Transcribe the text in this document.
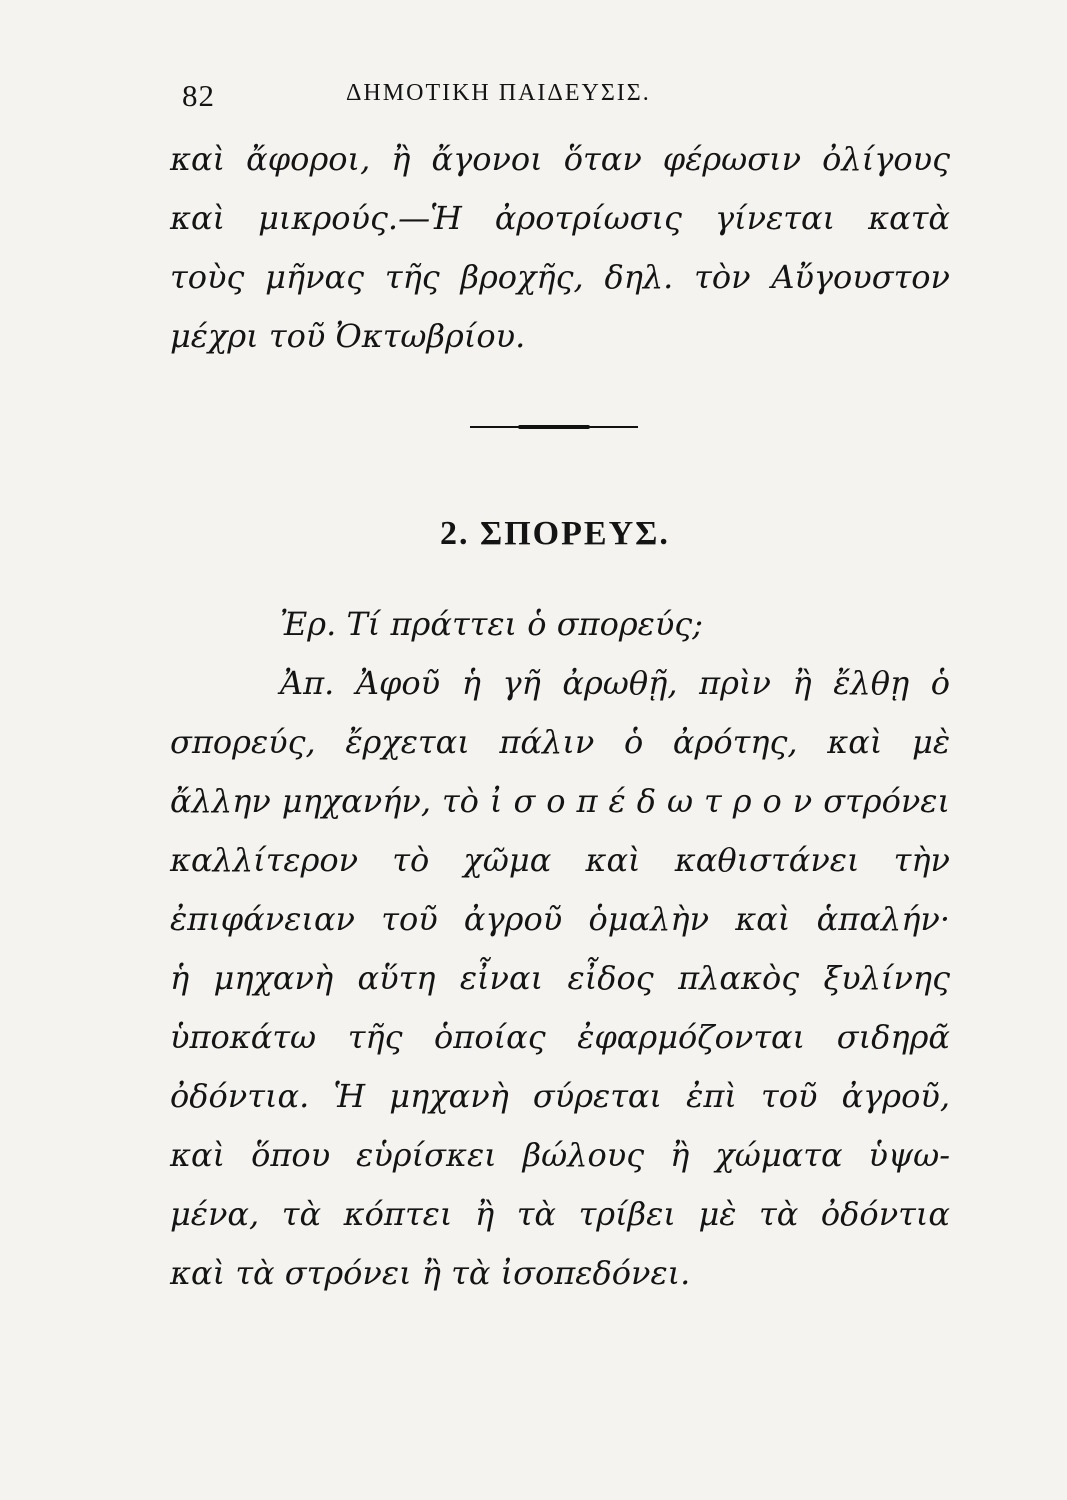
82	ΔΗΜΟΤΙΚΗ ΠΑΙΔΕΥΣΙΣ.
καὶ ἄφοροι, ἢ ἄγονοι ὅταν φέρωσιν ὀλίγους
καὶ μικρούς.—Ἡ ἀροτρίωσις γίνεται κατὰ
τοὺς μῆνας τῆς βροχῆς, δηλ. τὸν Αὔγουστον
μέχρι τοῦ Ὀκτωβρίου.
2. ΣΠΟΡΕΥΣ.
Ἐρ. Τί πράττει ὁ σπορεύς;
Ἀπ. Ἀφοῦ ἡ γῆ ἀρωθῇ, πρὶν ἢ ἔλθῃ ὁ
σπορεύς, ἔρχεται πάλιν ὁ ἀρότης, καὶ μὲ
ἄλλην μηχανήν, τὸ ἰ σ ο π έ δ ω τ ρ ο ν στρόνει
καλλίτερον τὸ χῶμα καὶ καθιστάνει τὴν
ἐπιφάνειαν τοῦ ἀγροῦ ὁμαλὴν καὶ ἁπαλήν·
ἡ μηχανὴ αὕτη εἶναι εἶδος πλακὸς ξυλίνης
ὑποκάτω τῆς ὁποίας ἐφαρμόζονται σιδηρᾶ
ὀδόντια. Ἡ μηχανὴ σύρεται ἐπὶ τοῦ ἀγροῦ,
καὶ ὅπου εὑρίσκει βώλους ἢ χώματα ὑψω-
μένα, τὰ κόπτει ἢ τὰ τρίβει μὲ τὰ ὀδόντια
καὶ τὰ στρόνει ἢ τὰ ἰσοπεδόνει.
